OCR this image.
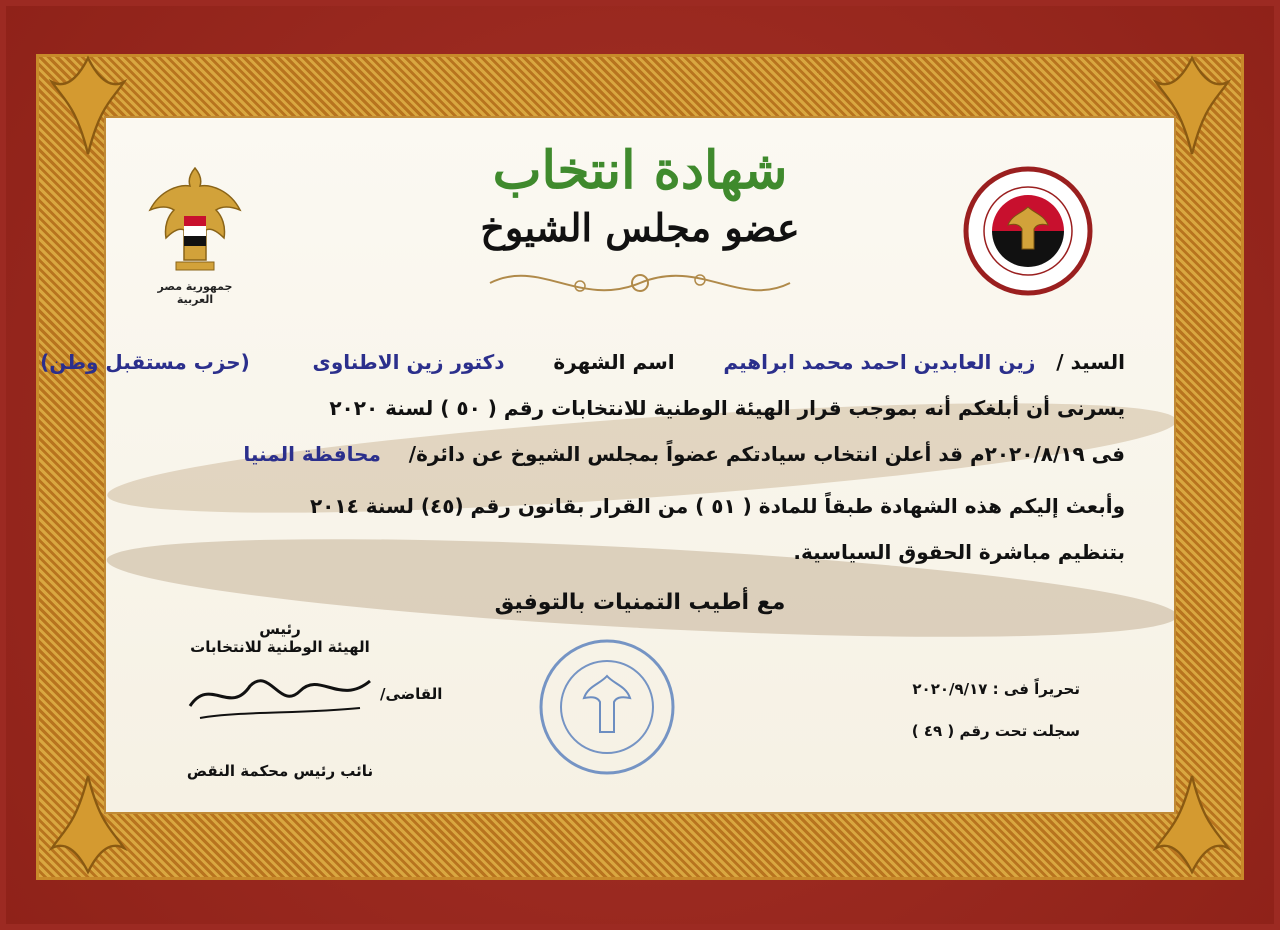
شهادة انتخاب
عضو مجلس الشيوخ
جمهورية مصر العربية
السيد /   زين العابدين احمد محمد ابراهيم       اسم الشهرة       دكتور زين الاطناوى         (حزب مستقبل وطن)
يسرنى أن أبلغكم أنه بموجب قرار الهيئة الوطنية للانتخابات رقم ( ٥٠ ) لسنة ٢٠٢٠
فى ٢٠٢٠/٨/١٩م قد أعلن انتخاب سيادتكم عضواً بمجلس الشيوخ عن دائرة/    محافظة المنيا
وأبعث إليكم هذه الشهادة طبقاً للمادة ( ٥١ ) من القرار بقانون رقم (٤٥) لسنة ٢٠١٤
بتنظيم مباشرة الحقوق السياسية.
مع أطيب التمنيات بالتوفيق
رئيس
الهيئة الوطنية للانتخابات
نائب رئيس محكمة النقض
القاضى/	تحريراً فى : ٢٠٢٠/٩/١٧
سجلت تحت رقم ( ٤٩ )
